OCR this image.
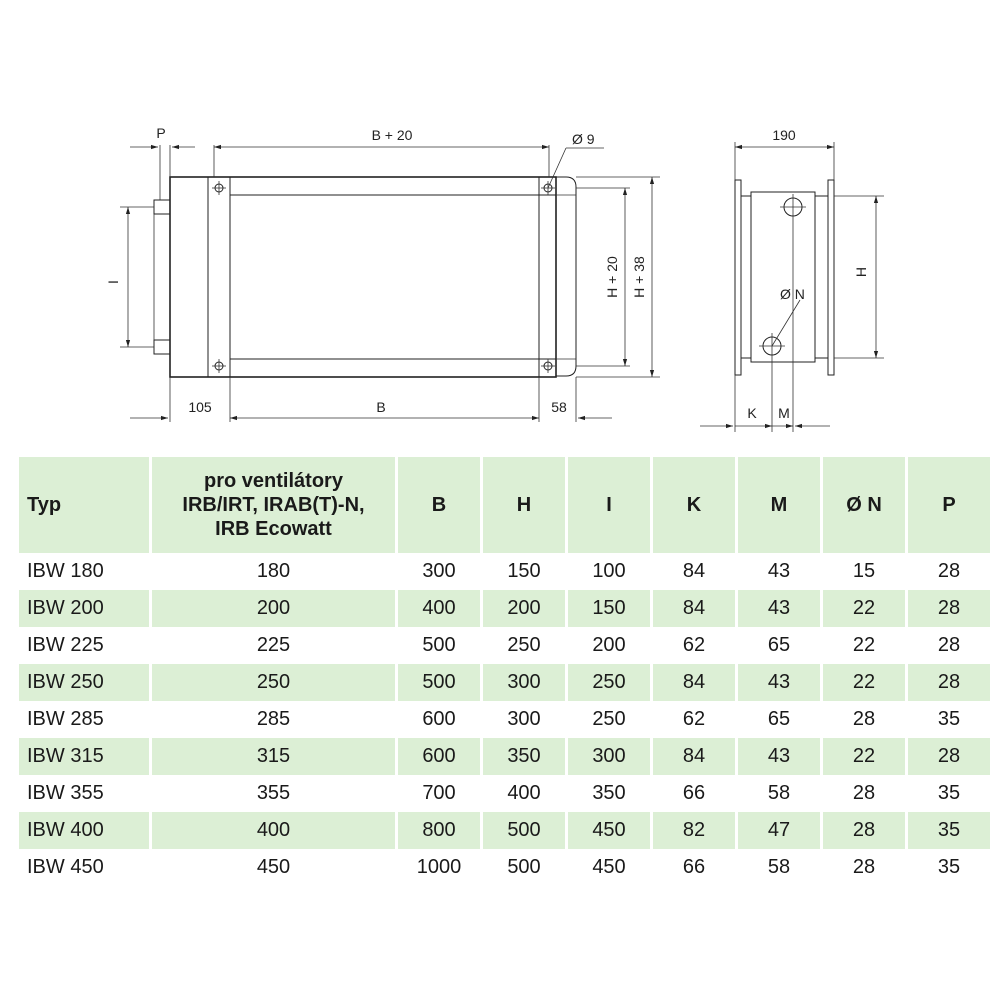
P	B + 20	Ø 9
I	H + 20 H + 38
105	B	58
Ø N
190
H
K M
Typ	pro ventilátory
IRB/IRT, IRAB(T)-N,
IRB Ecowatt	B	H	I	K	M	Ø N	P
IBW 180	180	300	150	100	84	43	15	28
IBW 200	200	400	200	150	84	43	22	28
IBW 225	225	500	250	200	62	65	22	28
IBW 250	250	500	300	250	84	43	22	28
IBW 285	285	600	300	250	62	65	28	35
IBW 315	315	600	350	300	84	43	22	28
IBW 355	355	700	400	350	66	58	28	35
IBW 400	400	800	500	450	82	47	28	35
IBW 450	450	1000	500	450	66	58	28	35
